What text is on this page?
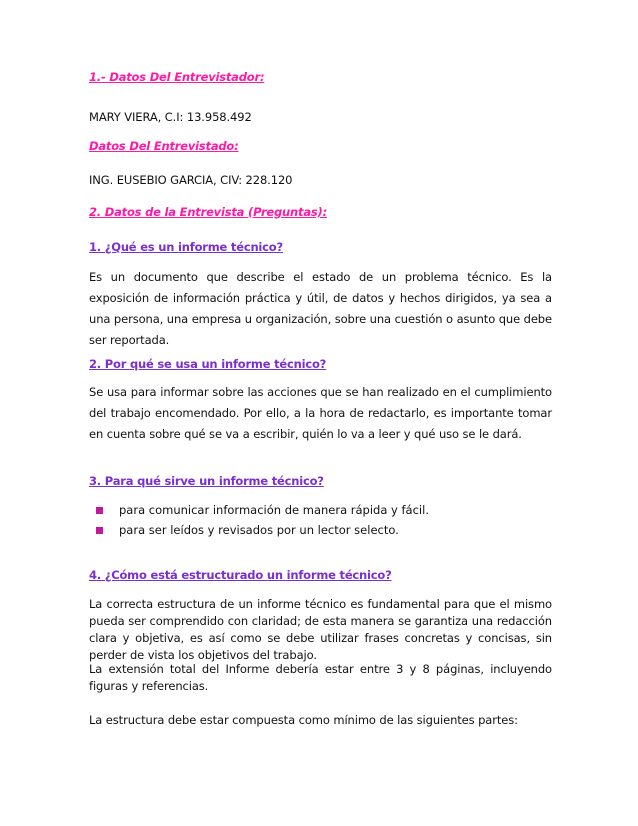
1.- Datos Del Entrevistador:

MARY VIERA, C.I: 13.958.492

Datos Del Entrevistado:

ING. EUSEBIO GARCIA, CIV: 228.120

2. Datos de la Entrevista (Preguntas):

1. ¿Qué es un informe técnico?

Es un documento que describe el estado de un problema técnico. Es la exposición de información práctica y útil, de datos y hechos dirigidos, ya sea a una persona, una empresa u organización, sobre una cuestión o asunto que debe ser reportada.

2. Por qué se usa un informe técnico?

Se usa para informar sobre las acciones que se han realizado en el cumplimiento del trabajo encomendado. Por ello, a la hora de redactarlo, es importante tomar en cuenta sobre qué se va a escribir, quién lo va a leer y qué uso se le dará.

3. Para qué sirve un informe técnico?

para comunicar información de manera rápida y fácil.
para ser leídos y revisados por un lector selecto.

4. ¿Cómo está estructurado un informe técnico?

La correcta estructura de un informe técnico es fundamental para que el mismo pueda ser comprendido con claridad; de esta manera se garantiza una redacción clara y objetiva, es así como se debe utilizar frases concretas y concisas, sin perder de vista los objetivos del trabajo.

La extensión total del Informe debería estar entre 3 y 8 páginas, incluyendo figuras y referencias.

La estructura debe estar compuesta como mínimo de las siguientes partes:
